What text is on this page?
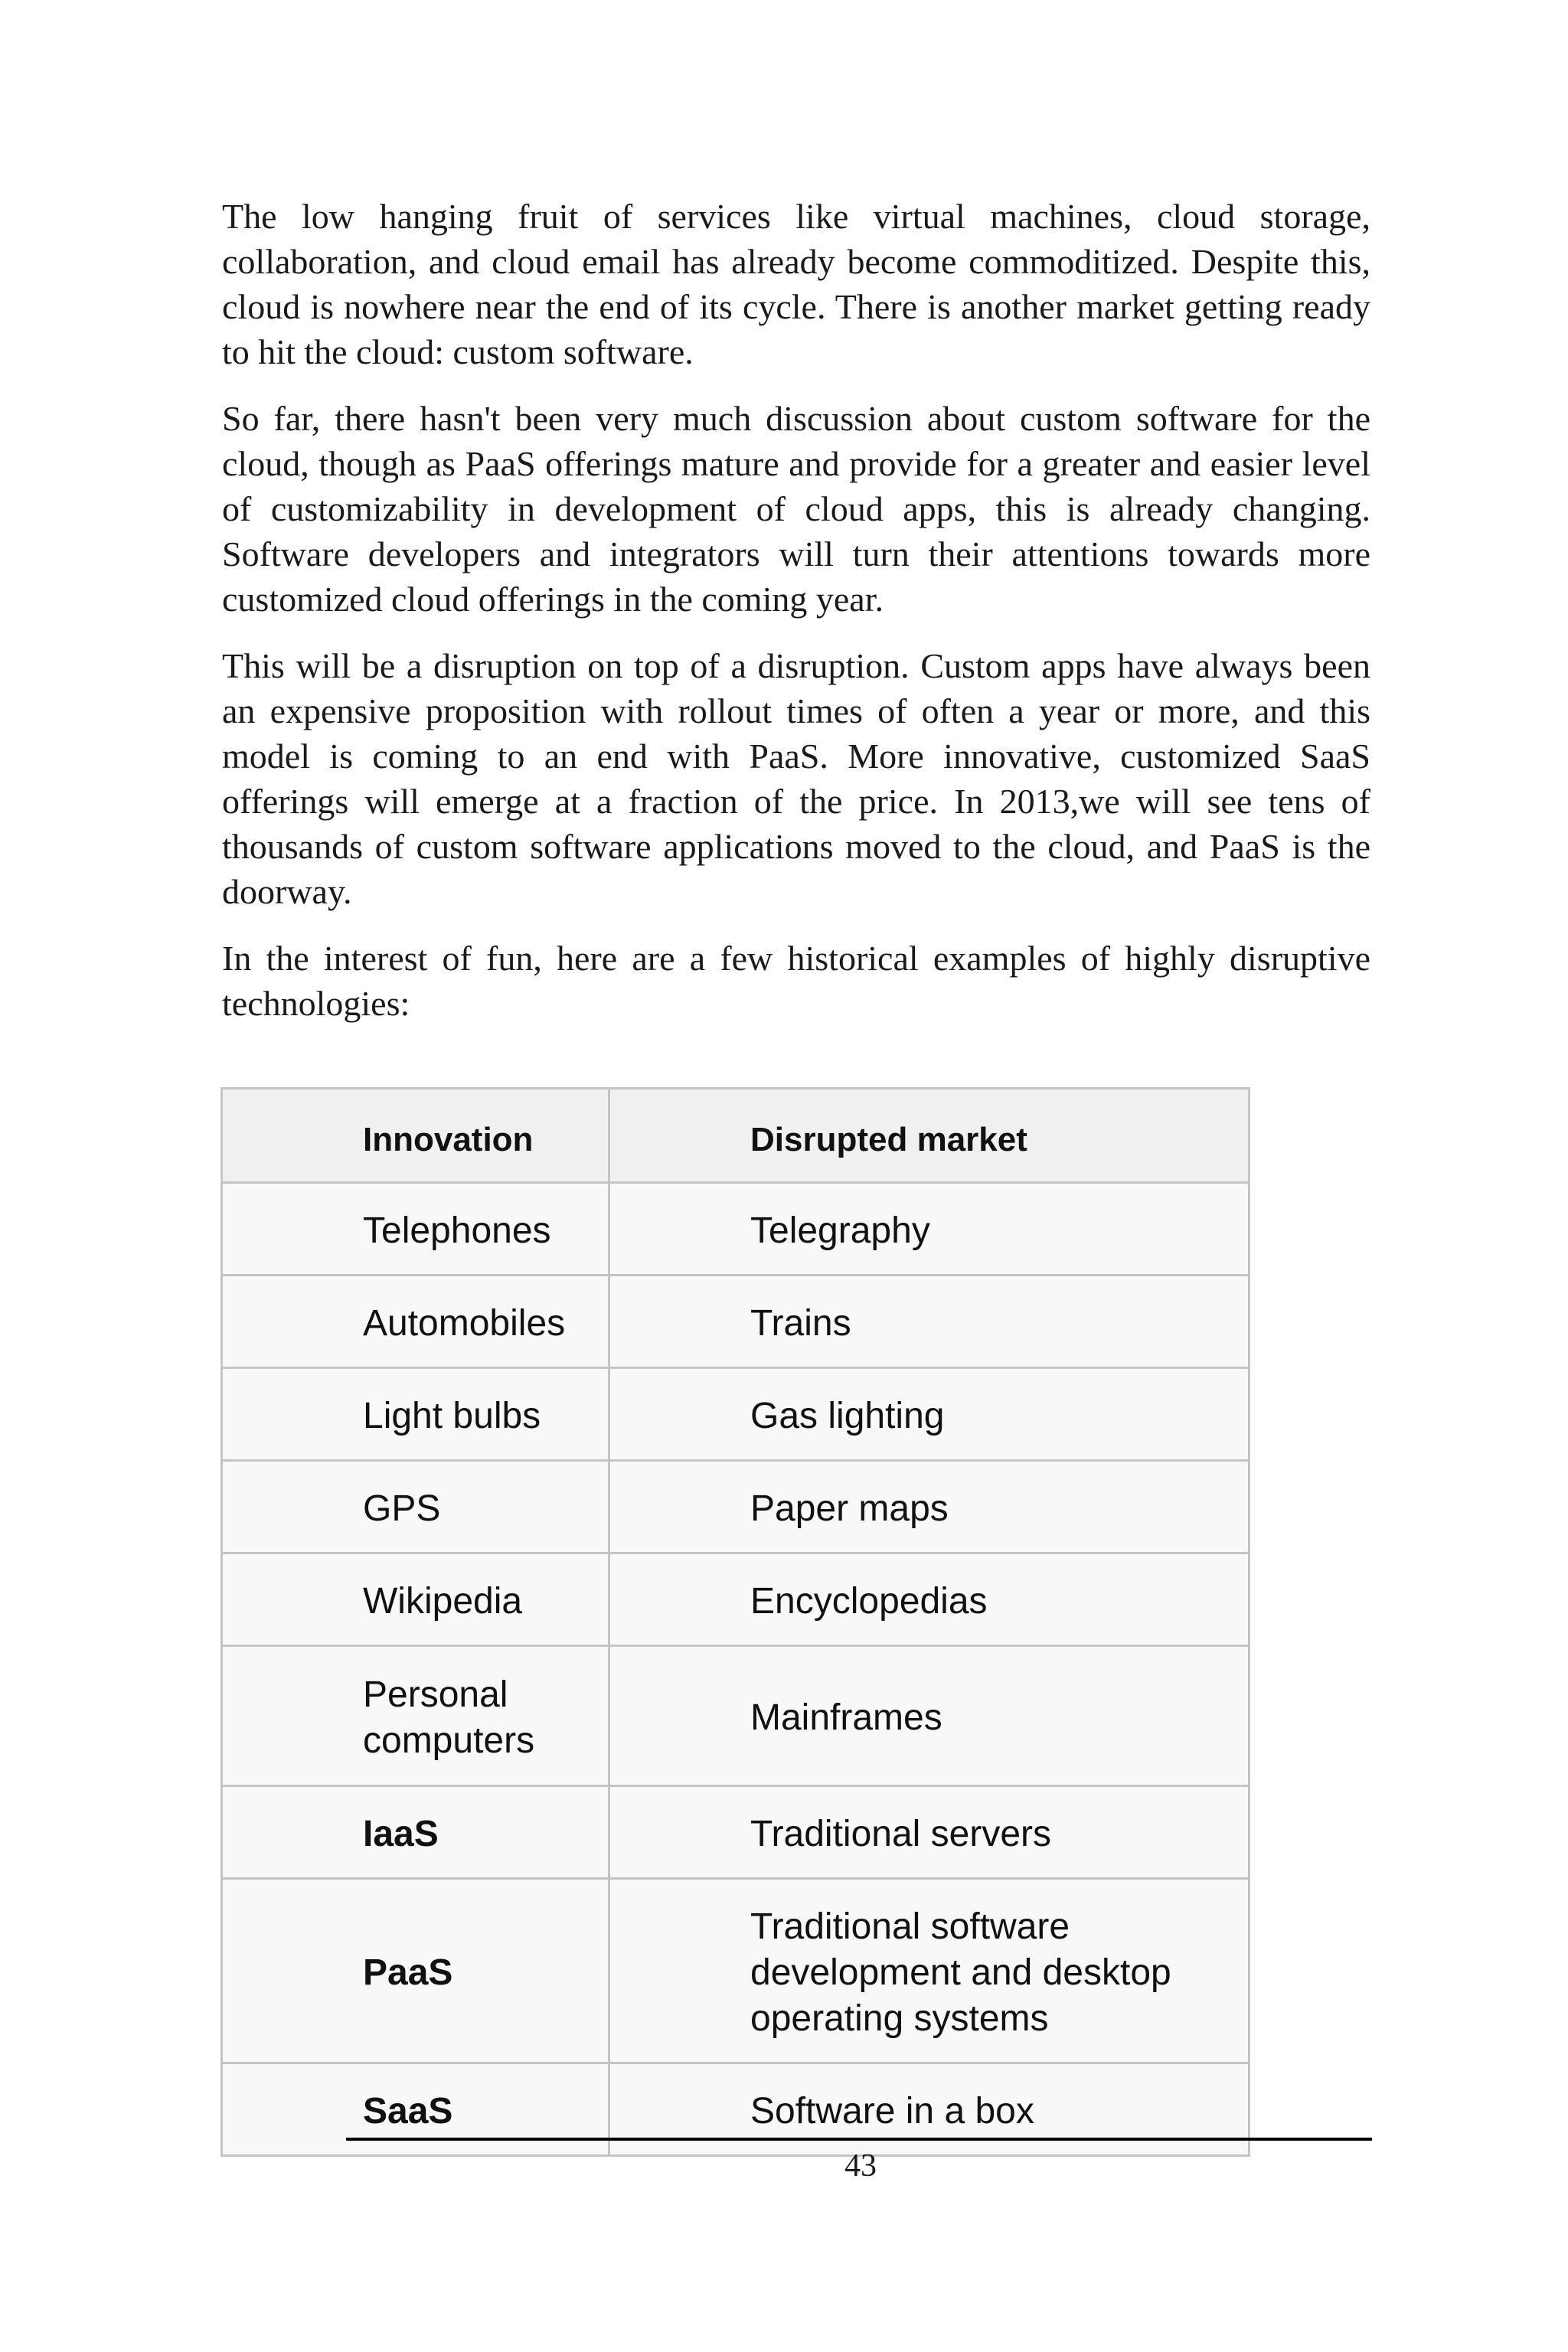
The low hanging fruit of services like virtual machines, cloud storage, collaboration, and cloud email has already become commoditized. Despite this, cloud is nowhere near the end of its cycle. There is another market getting ready to hit the cloud: custom software.

So far, there hasn't been very much discussion about custom software for the cloud, though as PaaS offerings mature and provide for a greater and easier level of customizability in development of cloud apps, this is already changing. Software developers and integrators will turn their attentions towards more customized cloud offerings in the coming year.

This will be a disruption on top of a disruption. Custom apps have always been an expensive proposition with rollout times of often a year or more, and this model is coming to an end with PaaS. More innovative, customized SaaS offerings will emerge at a fraction of the price. In 2013,we will see tens of thousands of custom software applications moved to the cloud, and PaaS is the doorway.

In the interest of fun, here are a few historical examples of highly disruptive technologies:

Innovation	Disrupted market
Telephones	Telegraphy
Automobiles	Trains
Light bulbs	Gas lighting
GPS	Paper maps
Wikipedia	Encyclopedias
Personal computers	Mainframes
IaaS	Traditional servers
PaaS	Traditional software development and desktop operating systems
SaaS	Software in a box
43
